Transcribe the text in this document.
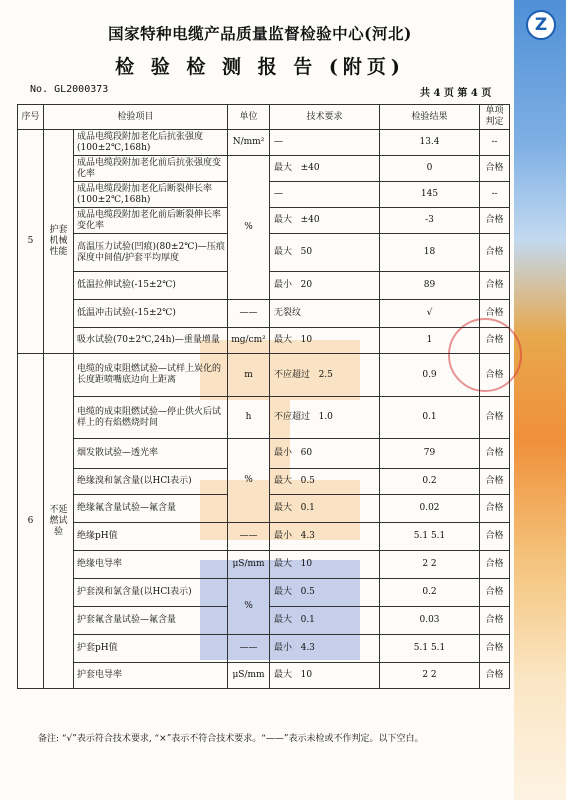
Z
国家特种电缆产品质量监督检验中心(河北)
检 验 检 测 报 告 (附页)
No. GL2000373	共 4 页 第 4 页
序号	检验项目		单位	技术要求	检验结果	单项判定
5	护套机械性能	成品电缆段附加老化后抗张强度(100±2℃,168h)	N/mm²	—	13.4	--
		成品电缆段附加老化前后抗张强度变化率	%	最大   ±40	0	合格
		成品电缆段附加老化后断裂伸长率(100±2℃,168h)		—	145	--
		成品电缆段附加老化前后断裂伸长率变化率		最大   ±40	-3	合格
		高温压力试验(凹痕)(80±2℃)—压痕深度中间值/护套平均厚度		最大   50	18	合格
		低温拉伸试验(-15±2℃)		最小   20	89	合格
		低温冲击试验(-15±2℃)	——	无裂纹	√	合格
		吸水试验(70±2℃,24h)—重量增量	mg/cm²	最大   10	1	合格
6	不延燃试验	电缆的成束阻燃试验—试样上炭化的长度距喷嘴底边向上距离	m	不应超过   2.5	0.9	合格
		电缆的成束阻燃试验—停止供火后试样上的有焰燃烧时间	h	不应超过   1.0	0.1	合格
		烟发散试验—透光率	%	最小   60	79	合格
		绝缘溴和氯含量(以HCl表示)		最大   0.5	0.2	合格
		绝缘氟含量试验—氟含量		最大   0.1	0.02	合格
		绝缘pH值	——	最小   4.3	5.1 5.1	合格
		绝缘电导率	μS/mm	最大   10	2 2	合格
		护套溴和氯含量(以HCl表示)	%	最大   0.5	0.2	合格
		护套氟含量试验—氟含量		最大   0.1	0.03	合格
		护套pH值	——	最小   4.3	5.1 5.1	合格
		护套电导率	μS/mm	最大   10	2 2	合格
备注: “√”表示符合技术要求, “×”表示不符合技术要求。“——”表示未检或不作判定。以下空白。
